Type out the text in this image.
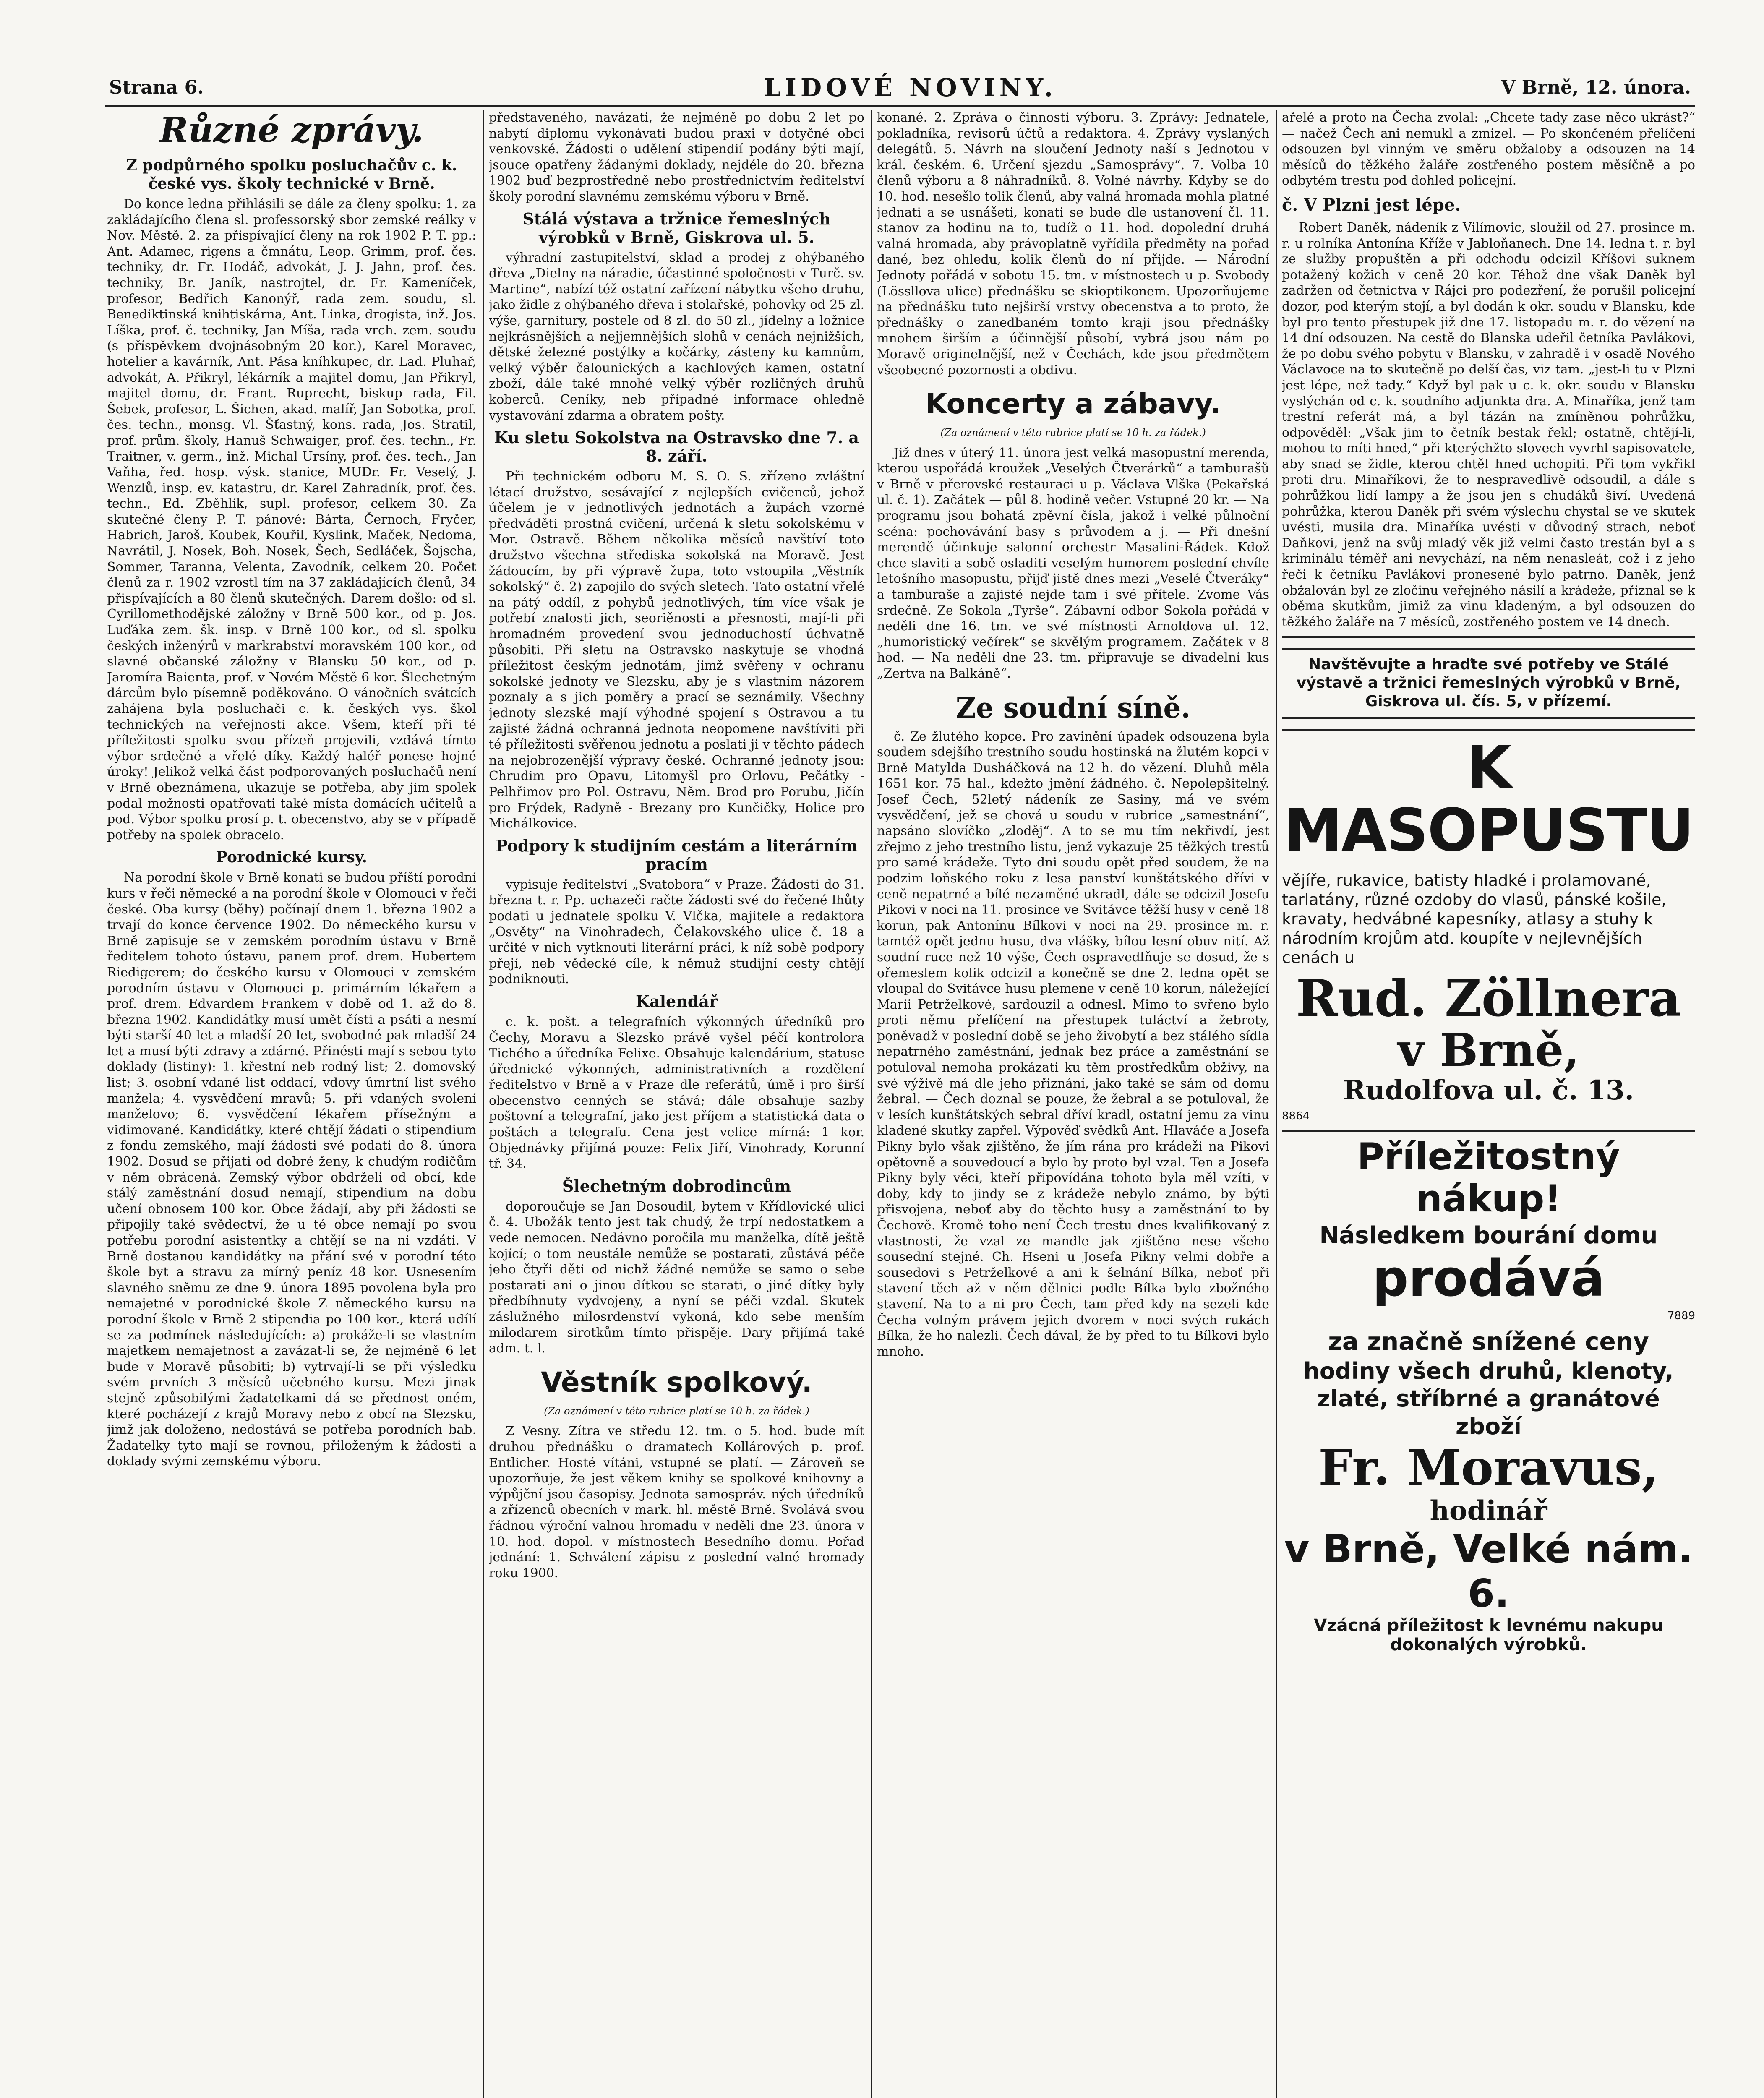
Strana 6.	LIDOVÉ NOVINY.	V Brně, 12. února.
Různé zprávy.
Z podpůrného spolku posluchačův c. k. české vys. školy technické v Brně.

Do konce ledna přihlásili se dále za členy spolku: 1. za zakládajícího člena sl. professorský sbor zemské reálky v Nov. Městě. 2. za přispívající členy na rok 1902 P. T. pp.: Ant. Adamec, rigens a čmnátu, Leop. Grimm, prof. čes. techniky, dr. Fr. Hodáč, advokát, J. J. Jahn, prof. čes. techniky, Br. Janík, nastrojtel, dr. Fr. Kameníček, profesor, Bedřich Kanonýř, rada zem. soudu, sl. Benediktinská knihtiskárna, Ant. Linka, drogista, inž. Jos. Líška, prof. č. techniky, Jan Míša, rada vrch. zem. soudu (s příspěvkem dvojnásobným 20 kor.), Karel Moravec, hotelier a kavárník, Ant. Pása kníhkupec, dr. Lad. Pluhař, advokát, A. Přikryl, lékárník a majitel domu, Jan Přikryl, majitel domu, dr. Frant. Ruprecht, biskup rada, Fil. Šebek, profesor, L. Šichen, akad. malíř, Jan Sobotka, prof. čes. techn., monsg. Vl. Šťastný, kons. rada, Jos. Stratil, prof. prům. školy, Hanuš Schwaiger, prof. čes. techn., Fr. Traitner, v. germ., inž. Michal Ursíny, prof. čes. tech., Jan Vaňha, řed. hosp. výsk. stanice, MUDr. Fr. Veselý, J. Wenzlů, insp. ev. katastru, dr. Karel Zahradník, prof. čes. techn., Ed. Zběhlík, supl. profesor, celkem 30. Za skutečné členy P. T. pánové: Bárta, Černoch, Fryčer, Habrich, Jaroš, Koubek, Kouřil, Kyslink, Maček, Nedoma, Navrátil, J. Nosek, Boh. Nosek, Šech, Sedláček, Šojscha, Sommer, Taranna, Velenta, Zavodník, celkem 20. Počet členů za r. 1902 vzrostl tím na 37 zakládajících členů, 34 přispívajících a 80 členů skutečných. Darem došlo: od sl. Cyrillomethodějské záložny v Brně 500 kor., od p. Jos. Luďáka zem. šk. insp. v Brně 100 kor., od sl. spolku českých inženýrů v markrabství moravském 100 kor., od slavné občanské záložny v Blansku 50 kor., od p. Jaromíra Baienta, prof. v Novém Městě 6 kor. Šlechetným dárcům bylo písemně poděkováno. O vánočních svátcích zahájena byla posluchači c. k. českých vys. škol technických na veřejnosti akce. Všem, kteří při té příležitosti spolku svou přízeň projevili, vzdává tímto výbor srdečné a vřelé díky. Každý haléř ponese hojné úroky! Jelikož velká část podporovaných posluchačů není v Brně obeznámena, ukazuje se potřeba, aby jim spolek podal možnosti opatřovati také místa domácích učitelů a pod. Výbor spolku prosí p. t. obecenstvo, aby se v případě potřeby na spolek obracelo.

Porodnické kursy.

Na porodní škole v Brně konati se budou příští porodní kurs v řeči německé a na porodní škole v Olomouci v řeči české. Oba kursy (běhy) počínají dnem 1. března 1902 a trvají do konce července 1902. Do německého kursu v Brně zapisuje se v zemském porodním ústavu v Brně ředitelem tohoto ústavu, panem prof. drem. Hubertem Riedigerem; do českého kursu v Olomouci v zemském porodním ústavu v Olomouci p. primárním lékařem a prof. drem. Edvardem Frankem v době od 1. až do 8. března 1902. Kandidátky musí umět čísti a psáti a nesmí býti starší 40 let a mladší 20 let, svobodné pak mladší 24 let a musí býti zdravy a zdárné. Přinésti mají s sebou tyto doklady (listiny): 1. křestní neb rodný list; 2. domovský list; 3. osobní vdané list oddací, vdovy úmrtní list svého manžela; 4. vysvědčení mravů; 5. při vdaných svolení manželovo; 6. vysvědčení lékařem přísežným a vidimované. Kandidátky, které chtějí žádati o stipendium z fondu zemského, mají žádosti své podati do 8. února 1902. Dosud se přijati od dobré ženy, k chudým rodičům v něm obrácená. Zemský výbor obdrželi od obcí, kde stálý zaměstnání dosud nemají, stipendium na dobu učení obnosem 100 kor. Obce žádají, aby při žádosti se připojily také svědectví, že u té obce nemají po svou potřebu porodní asistentky a chtějí se na ni vzdáti. V Brně dostanou kandidátky na přání své v porodní této škole byt a stravu za mírný peníz 48 kor. Usnesením slavného sněmu ze dne 9. února 1895 povolena byla pro nemajetné v porodnické škole Z německého kursu na porodní škole v Brně 2 stipendia po 100 kor., která udílí se za podmínek následujících: a) prokáže-li se vlastním majetkem nemajetnost a zavázat-li se, že nejméně 6 let bude v Moravě působiti; b) vytrvají-li se při výsledku svém prvních 3 měsíců učebného kursu. Mezi jinak stejně způsobilými žadatelkami dá se přednost oném, které pocházejí z krajů Moravy nebo z obcí na Slezsku, jimž jak doloženo, nedostává se potřeba porodních bab. Žadatelky tyto mají se rovnou, přiloženým k žádosti a doklady svými zemskému výboru.

představeného, navázati, že nejméně po dobu 2 let po nabytí diplomu vykonávati budou praxi v dotyčné obci venkovské. Žádosti o udělení stipendií podány býti mají, jsouce opatřeny žádanými doklady, nejdéle do 20. března 1902 buď bezprostředně nebo prostřednictvím ředitelství školy porodní slavnému zemskému výboru v Brně.

Stálá výstava a tržnice řemeslných výrobků v Brně, Giskrova ul. 5.

výhradní zastupitelství, sklad a prodej z ohýbaného dřeva „Dielny na náradie, účastinné spoločnosti v Turč. sv. Martine“, nabízí též ostatní zařízení nábytku všeho druhu, jako židle z ohýbaného dřeva i stolařské, pohovky od 25 zl. výše, garnitury, postele od 8 zl. do 50 zl., jídelny a ložnice nejkrásnějších a nejjemnějších slohů v cenách nejnižších, dětské železné postýlky a kočárky, zásteny ku kamnům, velký výběr čalounických a kachlových kamen, ostatní zboží, dále také mnohé velký výběr rozličných druhů koberců. Ceníky, neb případné informace ohledně vystavování zdarma a obratem pošty.

Ku sletu Sokolstva na Ostravsko dne 7. a 8. září.

Při technickém odboru M. S. O. S. zřízeno zvláštní létací družstvo, sesávající z nejlepších cvičenců, jehož účelem je v jednotlivých jednotách a župách vzorné předváděti prostná cvičení, určená k sletu sokolskému v Mor. Ostravě. Během několika měsíců navštíví toto družstvo všechna střediska sokolská na Moravě. Jest žádoucím, by při výpravě župa, toto vstoupila „Věstník sokolský“ č. 2) zapojilo do svých sletech. Tato ostatní vřelé na pátý oddíl, z pohybů jednotlivých, tím více však je potřebí znalosti jich, seoriěnosti a přesnosti, mají-li při hromadném provedení svou jednoduchostí úchvatně působiti. Při sletu na Ostravsko naskytuje se vhodná příležitost českým jednotám, jimž svěřeny v ochranu sokolské jednoty ve Slezsku, aby je s vlastním názorem poznaly a s jich poměry a prací se seznámily. Všechny jednoty slezské mají výhodné spojení s Ostravou a tu zajisté žádná ochranná jednota neopomene navštíviti při té příležitosti svěřenou jednotu a poslati ji v těchto pádech na nejobrozenější výpravy české. Ochranné jednoty jsou: Chrudim pro Opavu, Litomyšl pro Orlovu, Pečátky - Pelhřimov pro Pol. Ostravu, Něm. Brod pro Porubu, Jičín pro Frýdek, Radyně - Brezany pro Kunčičky, Holice pro Michálkovice.

Podpory k studijním cestám a literárním pracím

vypisuje ředitelství „Svatobora“ v Praze. Žádosti do 31. března t. r. Pp. uchazeči račte žádosti své do řečené lhůty podati u jednatele spolku V. Vlčka, majitele a redaktora „Osvěty“ na Vinohradech, Čelakovského ulice č. 18 a určité v nich vytknouti literární práci, k níž sobě podpory přejí, neb vědecké cíle, k němuž studijní cesty chtějí podniknouti.

Kalendář

c. k. pošt. a telegrafních výkonných úředníků pro Čechy, Moravu a Slezsko právě vyšel péčí kontrolora Tichého a úředníka Felixe. Obsahuje kalendárium, statuse úřednické výkonných, administrativních a rozdělení ředitelstvo v Brně a v Praze dle referátů, úmě i pro širší obecenstvo cenných se stává; dále obsahuje sazby poštovní a telegrafní, jako jest příjem a statistická data o poštách a telegrafu. Cena jest velice mírná: 1 kor. Objednávky přijímá pouze: Felix Jiří, Vinohrady, Korunní tř. 34.

Šlechetným dobrodincům

doporoučuje se Jan Dosoudil, bytem v Křídlovické ulici č. 4. Ubožák tento jest tak chudý, že trpí nedostatkem a vede nemocen. Nedávno poročila mu manželka, dítě ještě kojící; o tom neustále nemůže se postarati, zůstává péče jeho čtyři děti od nichž žádné nemůže se samo o sebe postarati ani o jinou dítkou se starati, o jiné dítky byly předbíhnuty vydvojeny, a nyní se péči vzdal. Skutek záslužného milosrdenství vykoná, kdo sebe menším milodarem sirotkům tímto přispěje. Dary přijímá také adm. t. l.

Věstník spolkový.
(Za oznámení v této rubrice platí se 10 h. za řádek.)

Z Vesny. Zítra ve středu 12. tm. o 5. hod. bude mít druhou přednášku o dramatech Kollárových p. prof. Entlicher. Hosté vítáni, vstupné se platí. — Zároveň se upozorňuje, že jest věkem knihy se spolkové knihovny a výpůjční jsou časopisy. Jednota samospráv. ných úředníků a zřízenců obecních v mark. hl. městě Brně. Svolává svou řádnou výroční valnou hromadu v neděli dne 23. února v 10. hod. dopol. v místnostech Besedního domu. Pořad jednání: 1. Schválení zápisu z poslední valné hromady roku 1900.

konané. 2. Zpráva o činnosti výboru. 3. Zprávy: Jednatele, pokladníka, revisorů účtů a redaktora. 4. Zprávy vyslaných delegátů. 5. Návrh na sloučení Jednoty naší s Jednotou v král. českém. 6. Určení sjezdu „Samosprávy“. 7. Volba 10 členů výboru a 8 náhradníků. 8. Volné návrhy. Kdyby se do 10. hod. nesešlo tolik členů, aby valná hromada mohla platné jednati a se usnášeti, konati se bude dle ustanovení čl. 11. stanov za hodinu na to, tudíž o 11. hod. dopolední druhá valná hromada, aby právoplatně vyřídila předměty na pořad dané, bez ohledu, kolik členů do ní přijde. — Národní Jednoty pořádá v sobotu 15. tm. v místnostech u p. Svobody (Lössllova ulice) přednášku se skioptikonem. Upozorňujeme na přednášku tuto nejširší vrstvy obecenstva a to proto, že přednášky o zanedbaném tomto kraji jsou přednášky mnohem širším a účinnější působí, vybrá jsou nám po Moravě originelnější, než v Čechách, kde jsou předmětem všeobecné pozornosti a obdivu.

Koncerty a zábavy.
(Za oznámení v této rubrice platí se 10 h. za řádek.)

Již dnes v úterý 11. února jest velká masopustní merenda, kterou uspořádá kroužek „Veselých Čtverárků“ a tamburašů v Brně v přerovské restauraci u p. Václava Vlška (Pekařská ul. č. 1). Začátek — půl 8. hodině večer. Vstupné 20 kr. — Na programu jsou bohatá zpěvní čísla, jakož i velké půlnoční scéna: pochovávání basy s průvodem a j. — Při dnešní merendě účinkuje salonní orchestr Masalini-Řádek. Kdož chce slaviti a sobě osladiti veselým humorem poslední chvíle letošního masopustu, přijď jistě dnes mezi „Veselé Čtveráky“ a tamburaše a zajisté nejde tam i své přítele. Zvome Vás srdečně. Ze Sokola „Tyrše“. Zábavní odbor Sokola pořádá v neděli dne 16. tm. ve své místnosti Arnoldova ul. 12. „humoristický večírek“ se skvělým programem. Začátek v 8 hod. — Na neděli dne 23. tm. připravuje se divadelní kus „Zertva na Balkáně“.

Ze soudní síně.

č. Ze žlutého kopce. Pro zavinění úpadek odsouzena byla soudem sdejšího trestního soudu hostinská na žlutém kopci v Brně Matylda Dusháčková na 12 h. do vězení. Dluhů měla 1651 kor. 75 hal., kdežto jmění žádného. č. Nepolepšitelný. Josef Čech, 52letý nádeník ze Sasiny, má ve svém vysvědčení, jež se chová u soudu v rubrice „samestnání“, napsáno slovíčko „zloděj“. A to se mu tím nekřivdí, jest zřejmo z jeho trestního listu, jenž vykazuje 25 těžkých trestů pro samé krádeže. Tyto dni soudu opět před soudem, že na podzim loňského roku z lesa panství kunštátského dřívi v ceně nepatrné a bílé nezaměné ukradl, dále se odcizil Josefu Pikovi v noci na 11. prosince ve Svitávce těžší husy v ceně 18 korun, pak Antonínu Bílkovi v noci na 29. prosince m. r. tamtéž opět jednu husu, dva vlášky, bílou lesní obuv nití. Až soudní ruce než 10 výše, Čech ospravedlňuje se dosud, že s ořemeslem kolik odcizil a konečně se dne 2. ledna opět se vloupal do Svitávce husu plemene v ceně 10 korun, náležející Marii Petrželkové, sardouzil a odnesl. Mimo to svřeno bylo proti němu přelíčení na přestupek tuláctví a žebroty, poněvadž v poslední době se jeho živobytí a bez stálého sídla nepatrného zaměstnání, jednak bez práce a zaměstnání se potuloval nemoha prokázati ku těm prostředkům obživy, na své výživě má dle jeho přiznání, jako také se sám od domu žebral. — Čech doznal se pouze, že žebral a se potuloval, že v lesích kunštátských sebral dříví kradl, ostatní jemu za vinu kladené skutky zapřel. Výpověď svědků Ant. Hlaváče a Josefa Pikny bylo však zjištěno, že jím rána pro krádeži na Pikovi opětovně a souvedoucí a bylo by proto byl vzal. Ten a Josefa Pikny byly věci, kteří připovídána tohoto byla měl vzíti, v doby, kdy to jindy se z krádeže nebylo známo, by býti přisvojena, neboť aby do těchto husy a zaměstnání to by Čechově. Kromě toho není Čech trestu dnes kvalifikovaný z vlastnosti, že vzal ze mandle jak zjištěno nese všeho sousední stejné. Ch. Hseni u Josefa Pikny velmi dobře a sousedovi s Petrželkové a ani k šelnání Bílka, neboť při stavení těch až v něm dělnici podle Bílka bylo zbožného stavení. Na to a ni pro Čech, tam před kdy na sezeli kde Čecha volným právem jejich dvorem v noci svých rukách Bílka, že ho nalezli. Čech dával, že by před to tu Bílkovi bylo mnoho.

ařelé a proto na Čecha zvolal: „Chcete tady zase něco ukrást?“ — načež Čech ani nemukl a zmizel. — Po skončeném přelíčení odsouzen byl vinným ve směru obžaloby a odsouzen na 14 měsíců do těžkého žaláře zostřeného postem měsíčně a po odbytém trestu pod dohled policejní.

č. V Plzni jest lépe.

Robert Daněk, nádeník z Vilímovic, sloužil od 27. prosince m. r. u rolníka Antonína Kříže v Jabloňanech. Dne 14. ledna t. r. byl ze služby propuštěn a při odchodu odcizil Kříšovi suknem potažený kožich v ceně 20 kor. Téhož dne však Daněk byl zadržen od četnictva v Rájci pro podezření, že porušil policejní dozor, pod kterým stojí, a byl dodán k okr. soudu v Blansku, kde byl pro tento přestupek již dne 17. listopadu m. r. do vězení na 14 dní odsouzen. Na cestě do Blanska udeřil četníka Pavlákovi, že po dobu svého pobytu v Blansku, v zahradě i v osadě Nového Václavoce na to skutečně po delší čas, viz tam. „jest-li tu v Plzni jest lépe, než tady.“ Když byl pak u c. k. okr. soudu v Blansku vyslýchán od c. k. soudního adjunkta dra. A. Minaříka, jenž tam trestní referát má, a byl tázán na zmíněnou pohrůžku, odpověděl: „Však jim to četník bestak řekl; ostatně, chtějí-li, mohou to míti hned,“ při kterýchžto slovech vyvrhl sapisovatele, aby snad se židle, kterou chtěl hned uchopiti. Při tom vykřikl proti dru. Minaříkovi, že to nespravedlivě odsoudil, a dále s pohrůžkou lidí lampy a že jsou jen s chudáků šiví. Uvedená pohrůžka, kterou Daněk při svém výslechu chystal se ve skutek uvésti, musila dra. Minaříka uvésti v důvodný strach, neboť Daňkovi, jenž na svůj mladý věk již velmi často trestán byl a s kriminálu téměř ani nevychází, na něm nenasleát, což i z jeho řeči k četníku Pavlákovi pronesené bylo patrno. Daněk, jenž obžalován byl ze zločinu veřejného násilí a krádeže, přiznal se k oběma skutkům, jimiž za vinu kladeným, a byl odsouzen do těžkého žaláře na 7 měsíců, zostřeného postem ve 14 dnech.

Navštěvujte a hraďte své potřeby ve Stálé výstavě a tržnici řemeslných výrobků v Brně, Giskrova ul. čís. 5, v přízemí.
K MASOPUSTU
vějíře, rukavice, batisty hladké i prolamované, tarlatány, různé ozdoby do vlasů, pánské košile, kravaty, hedvábné kapesníky, atlasy a stuhy k národním krojům atd. koupíte v nejlevnějších cenách u
Rud. Zöllnera
v Brně,
Rudolfova ul. č. 13.
8864
Příležitostný nákup!
Následkem bourání domu
prodává
7889
za značně snížené ceny
hodiny všech druhů, klenoty, zlaté, stříbrné a granátové zboží
Fr. Moravus,
hodinář
v Brně, Velké nám. 6.
Vzácná příležitost k levnému nakupu dokonalých výrobků.
